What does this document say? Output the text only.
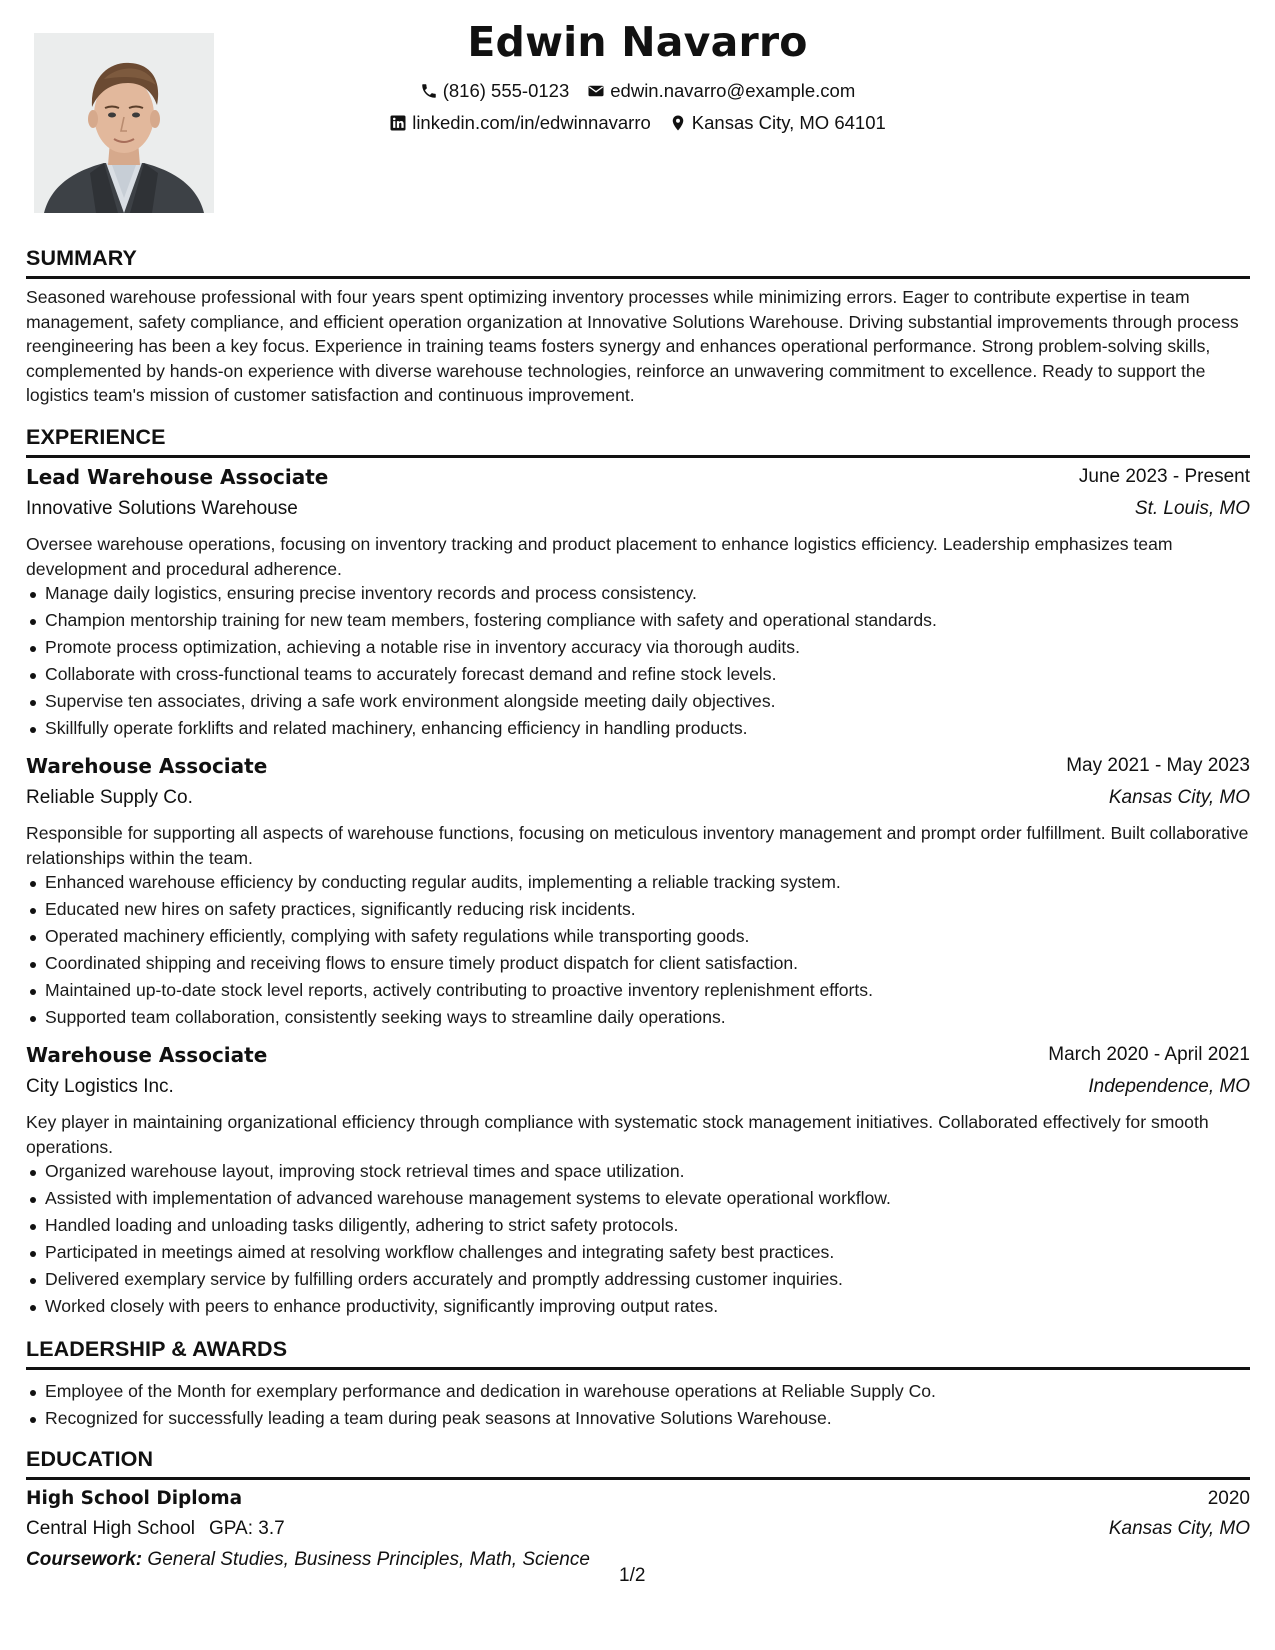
Edwin Navarro
(816) 555-0123 edwin.navarro@example.com
linkedin.com/in/edwinnavarro Kansas City, MO 64101
SUMMARY
Seasoned warehouse professional with four years spent optimizing inventory processes while minimizing errors. Eager to contribute expertise in team management, safety compliance, and efficient operation organization at Innovative Solutions Warehouse. Driving substantial improvements through process reengineering has been a key focus. Experience in training teams fosters synergy and enhances operational performance. Strong problem-solving skills, complemented by hands-on experience with diverse warehouse technologies, reinforce an unwavering commitment to excellence. Ready to support the logistics team's mission of customer satisfaction and continuous improvement.
EXPERIENCE
Lead Warehouse Associate	June 2023 - Present
Innovative Solutions Warehouse	St. Louis, MO
Oversee warehouse operations, focusing on inventory tracking and product placement to enhance logistics efficiency. Leadership emphasizes team development and procedural adherence.
Manage daily logistics, ensuring precise inventory records and process consistency.
Champion mentorship training for new team members, fostering compliance with safety and operational standards.
Promote process optimization, achieving a notable rise in inventory accuracy via thorough audits.
Collaborate with cross-functional teams to accurately forecast demand and refine stock levels.
Supervise ten associates, driving a safe work environment alongside meeting daily objectives.
Skillfully operate forklifts and related machinery, enhancing efficiency in handling products.
Warehouse Associate	May 2021 - May 2023
Reliable Supply Co.	Kansas City, MO
Responsible for supporting all aspects of warehouse functions, focusing on meticulous inventory management and prompt order fulfillment. Built collaborative relationships within the team.
Enhanced warehouse efficiency by conducting regular audits, implementing a reliable tracking system.
Educated new hires on safety practices, significantly reducing risk incidents.
Operated machinery efficiently, complying with safety regulations while transporting goods.
Coordinated shipping and receiving flows to ensure timely product dispatch for client satisfaction.
Maintained up-to-date stock level reports, actively contributing to proactive inventory replenishment efforts.
Supported team collaboration, consistently seeking ways to streamline daily operations.
Warehouse Associate	March 2020 - April 2021
City Logistics Inc.	Independence, MO
Key player in maintaining organizational efficiency through compliance with systematic stock management initiatives. Collaborated effectively for smooth operations.
Organized warehouse layout, improving stock retrieval times and space utilization.
Assisted with implementation of advanced warehouse management systems to elevate operational workflow.
Handled loading and unloading tasks diligently, adhering to strict safety protocols.
Participated in meetings aimed at resolving workflow challenges and integrating safety best practices.
Delivered exemplary service by fulfilling orders accurately and promptly addressing customer inquiries.
Worked closely with peers to enhance productivity, significantly improving output rates.
LEADERSHIP & AWARDS
Employee of the Month for exemplary performance and dedication in warehouse operations at Reliable Supply Co.
Recognized for successfully leading a team during peak seasons at Innovative Solutions Warehouse.
EDUCATION
High School Diploma	2020
Central High School GPA: 3.7	Kansas City, MO
Coursework: General Studies, Business Principles, Math, Science
1/2
